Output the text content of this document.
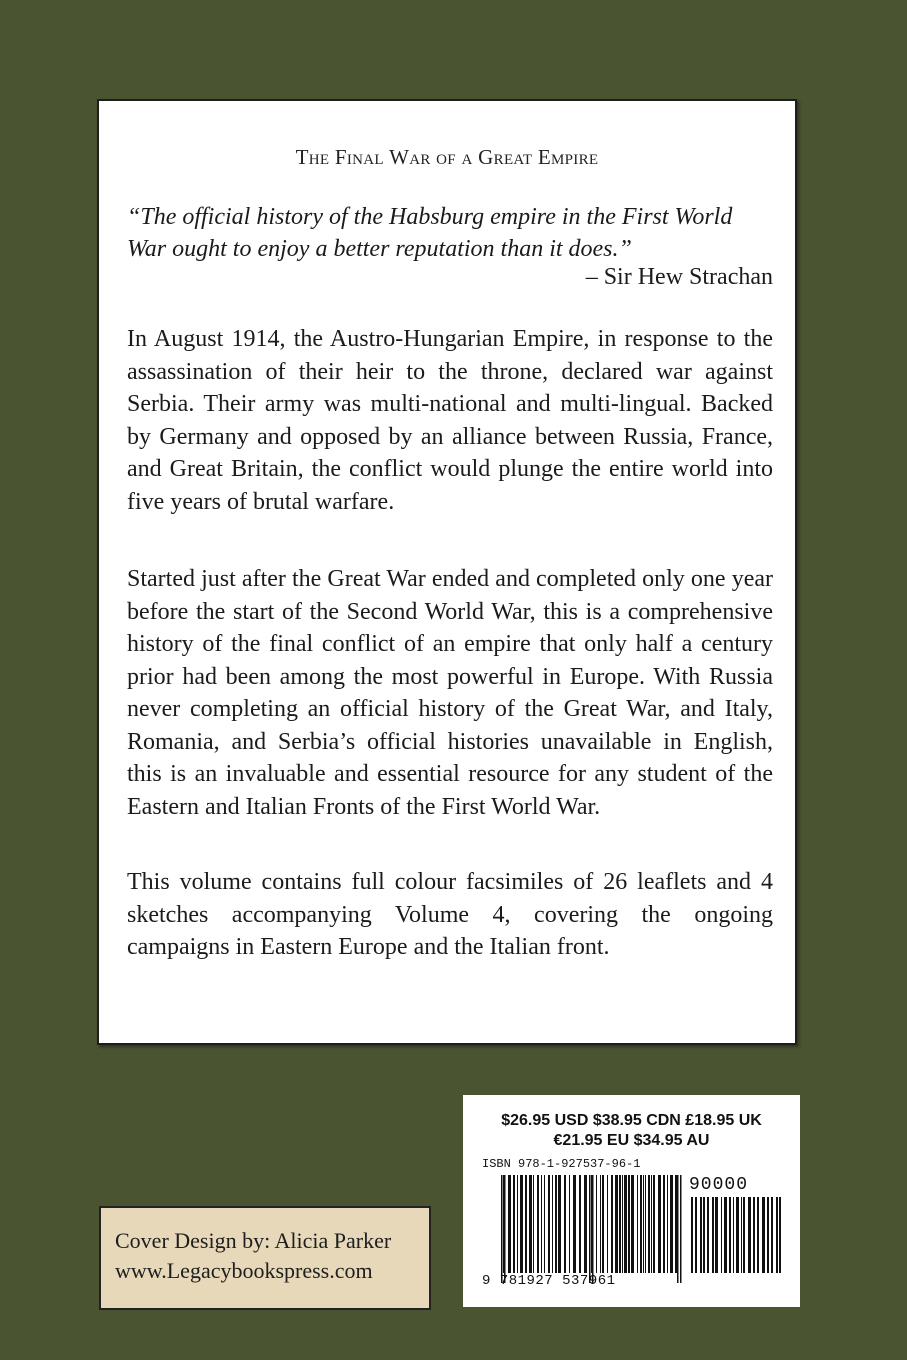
The Final War of a Great Empire
“The official history of the Habsburg empire in the First World War ought to enjoy a better reputation than it does.”
– Sir Hew Strachan

In August 1914, the Austro-Hungarian Empire, in response to the assassination of their heir to the throne, declared war against Serbia. Their army was multi-national and multi-lingual. Backed by Germany and opposed by an alliance between Russia, France, and Great Britain, the conflict would plunge the entire world into five years of brutal warfare.

Started just after the Great War ended and completed only one year before the start of the Second World War, this is a comprehensive history of the final conflict of an empire that only half a century prior had been among the most powerful in Europe. With Russia never completing an official history of the Great War, and Italy, Romania, and Serbia’s official histories unavailable in English, this is an invaluable and essential resource for any student of the Eastern and Italian Fronts of the First World War.

This volume contains full colour facsimiles of 26 leaflets and 4 sketches accompanying Volume 4, covering the ongoing campaigns in Eastern Europe and the Italian front.

Cover Design by: Alicia Parker
www.Legacybookspress.com
$26.95 USD $38.95 CDN £18.95 UK
€21.95 EU $34.95 AU
ISBN 978-1-927537-96-1
90000
9 781927 537961
